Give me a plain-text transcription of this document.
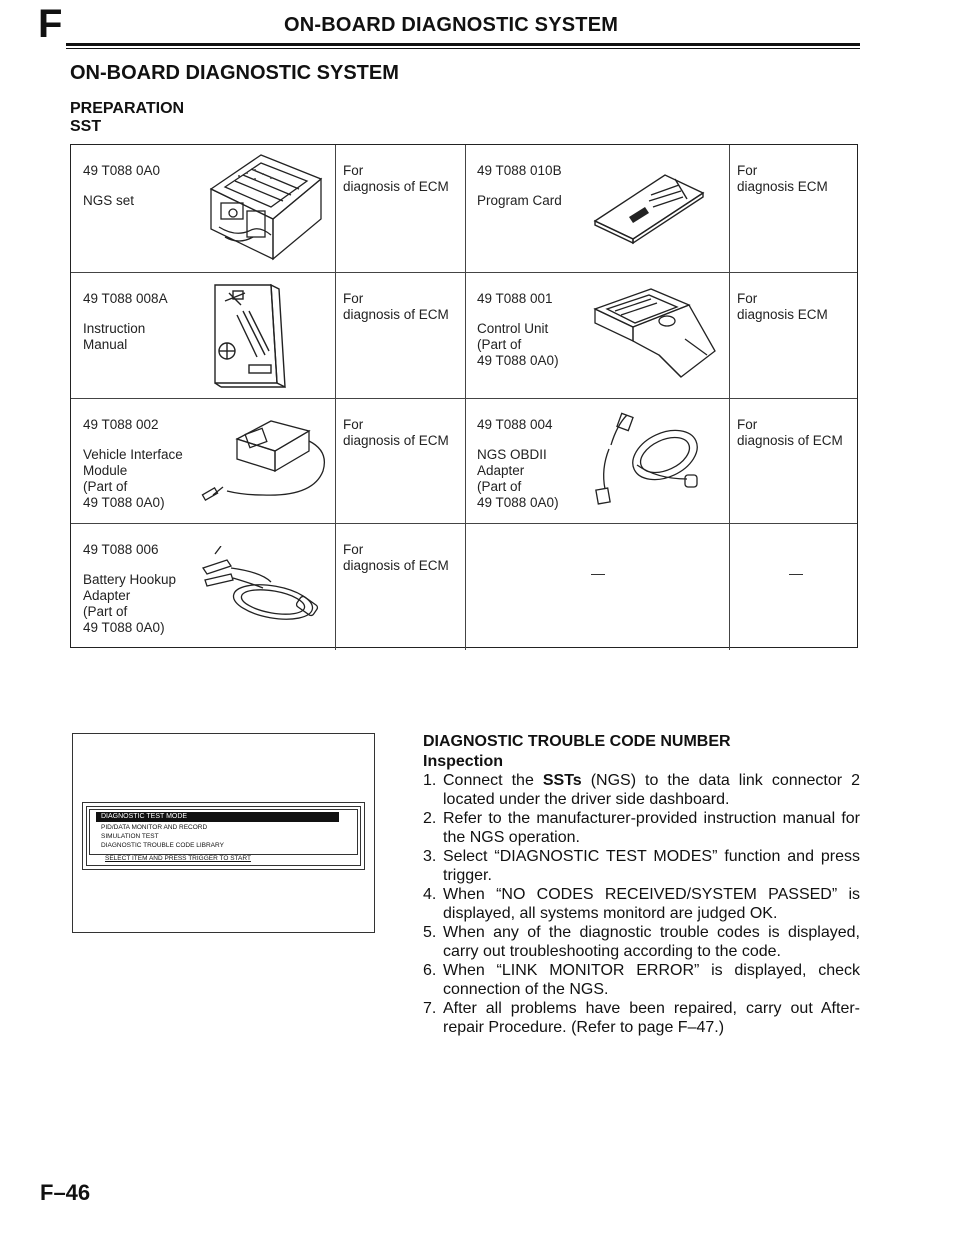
F	ON-BOARD DIAGNOSTIC SYSTEM
ON-BOARD DIAGNOSTIC SYSTEM
PREPARATION
SST
49 T088 0A0
NGS set
For
diagnosis of ECM
49 T088 010B
Program Card
For
diagnosis ECM
49 T088 008A
Instruction
Manual
For
diagnosis of ECM
49 T088 001
Control Unit
(Part of
49 T088 0A0)
For
diagnosis ECM
49 T088 002
Vehicle Interface
Module
(Part of
49 T088 0A0)
For
diagnosis of ECM
49 T088 004
NGS OBDII
Adapter
(Part of
49 T088 0A0)
For
diagnosis of ECM
49 T088 006
Battery Hookup
Adapter
(Part of
49 T088 0A0)
For
diagnosis of ECM
DIAGNOSTIC TEST MODE
PID/DATA MONITOR AND RECORD
SIMULATION TEST
DIAGNOSTIC TROUBLE CODE LIBRARY
SELECT ITEM AND PRESS TRIGGER TO START
DIAGNOSTIC TROUBLE CODE NUMBER
Inspection
1. Connect the SSTs (NGS) to the data link connector 2 located under the driver side dashboard.
2. Refer to the manufacturer-provided instruction manual for the NGS operation.
3. Select “DIAGNOSTIC TEST MODES” function and press trigger.
4. When “NO CODES RECEIVED/SYSTEM PASSED” is displayed, all systems monitord are judged OK.
5. When any of the diagnostic trouble codes is displayed, carry out troubleshooting according to the code.
6. When “LINK MONITOR ERROR” is displayed, check connection of the NGS.
7. After all problems have been repaired, carry out After-repair Procedure. (Refer to page F–47.)
F–46
